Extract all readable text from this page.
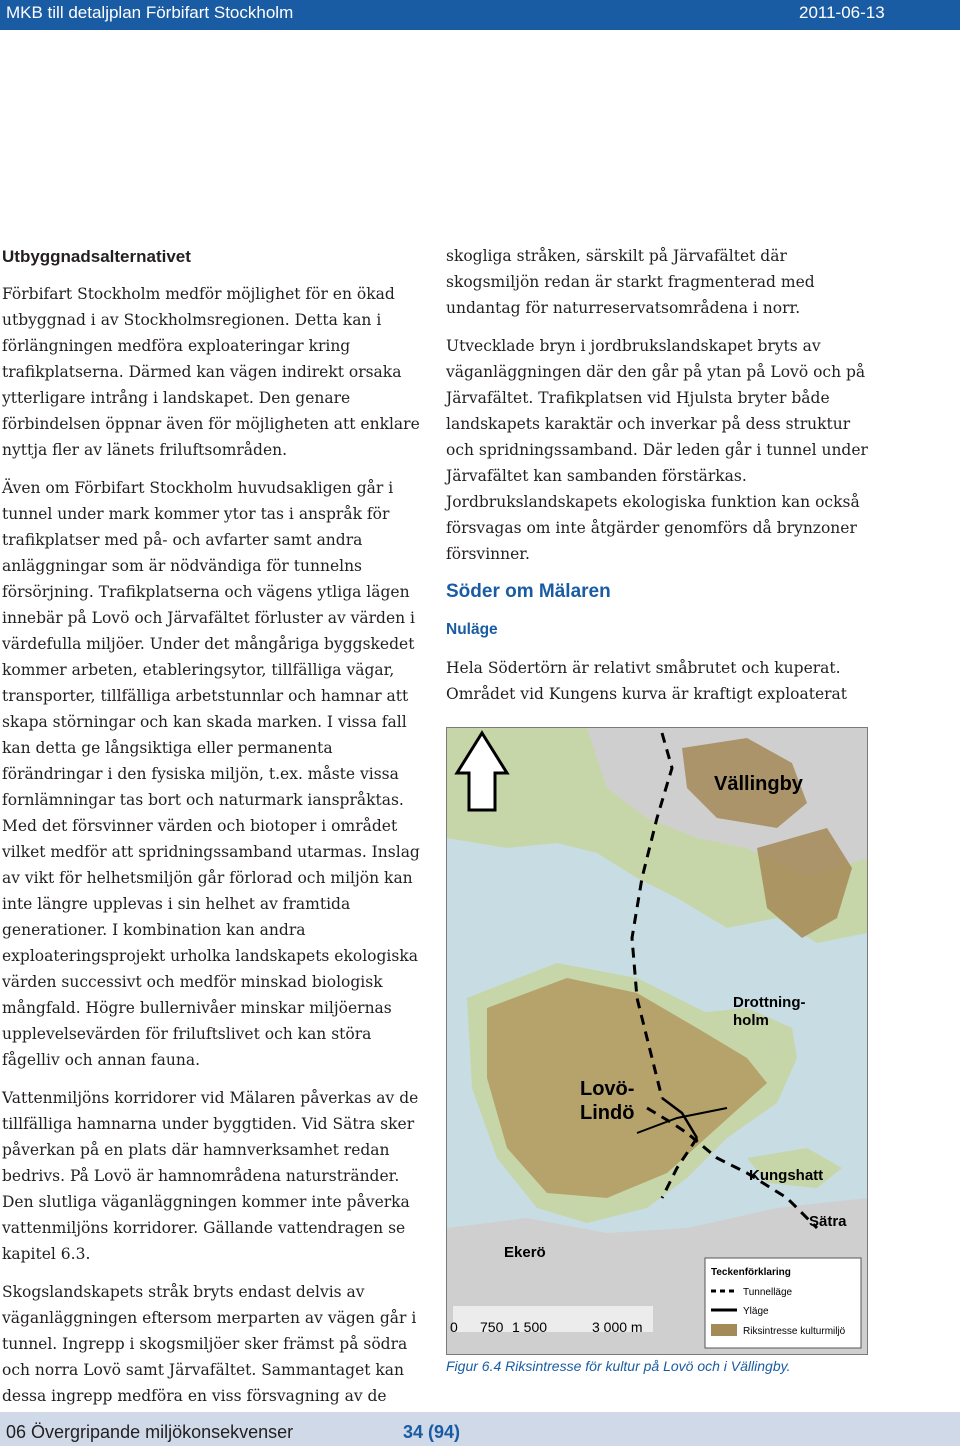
MKB till detaljplan Förbifart Stockholm	2011-06-13

Utbyggnadsalternativet

Förbifart Stockholm medför möjlighet för en ökad utbyggnad i av Stockholmsregionen. Detta kan i förlängningen medföra exploateringar kring trafikplatserna. Därmed kan vägen indirekt orsaka ytterligare intrång i landskapet. Den genare förbindelsen öppnar även för möjligheten att enklare nyttja fler av länets friluftsområden.

Även om Förbifart Stockholm huvudsakligen går i tunnel under mark kommer ytor tas i anspråk för trafikplatser med på- och avfarter samt andra anläggningar som är nödvändiga för tunnelns försörjning. Trafikplatserna och vägens ytliga lägen innebär på Lovö och Järvafältet förluster av värden i värdefulla miljöer. Under det mångåriga byggskedet kommer arbeten, etableringsytor, tillfälliga vägar, transporter, tillfälliga arbetstunnlar och hamnar att skapa störningar och kan skada marken. I vissa fall kan detta ge långsiktiga eller permanenta förändringar i den fysiska miljön, t.ex. måste vissa fornlämningar tas bort och naturmark ianspråktas. Med det försvinner värden och biotoper i området vilket medför att spridningssamband utarmas. Inslag av vikt för helhetsmiljön går förlorad och miljön kan inte längre upplevas i sin helhet av framtida generationer. I kombination kan andra exploateringsprojekt urholka landskapets ekologiska värden successivt och medför minskad biologisk mångfald. Högre bullernivåer minskar miljöernas upplevelsevärden för friluftslivet och kan störa fågelliv och annan fauna.

Vattenmiljöns korridorer vid Mälaren påverkas av de tillfälliga hamnarna under byggtiden. Vid Sätra sker påverkan på en plats där hamnverksamhet redan bedrivs. På Lovö är hamnområdena naturstränder. Den slutliga väganläggningen kommer inte påverka vattenmiljöns korridorer. Gällande vattendragen se kapitel 6.3.

Skogslandskapets stråk bryts endast delvis av väganläggningen eftersom merparten av vägen går i tunnel. Ingrepp i skogsmiljöer sker främst på södra och norra Lovö samt Järvafältet. Sammantaget kan dessa ingrepp medföra en viss försvagning av de

skogliga stråken, särskilt på Järvafältet där skogsmiljön redan är starkt fragmenterad med undantag för naturreservatsområdena i norr.

Utvecklade bryn i jordbrukslandskapet bryts av väganläggningen där den går på ytan på Lovö och på Järvafältet. Trafikplatsen vid Hjulsta bryter både landskapets karaktär och inverkar på dess struktur och spridningssamband. Där leden går i tunnel under Järvafältet kan sambanden förstärkas. Jordbrukslandskapets ekologiska funktion kan också försvagas om inte åtgärder genomförs då brynzoner försvinner.

Söder om Mälaren

Nuläge

Hela Södertörn är relativt småbrutet och kuperat. Området vid Kungens kurva är kraftigt exploaterat

Vällingby
Drottning-
holm
Lovö-
Lindö
Kungshatt
Sätra
Ekerö
0 750 1 500	3 000 m
Teckenförklaring
Tunnelläge
Yläge
Riksintresse kulturmiljö
Figur 6.4 Riksintresse för kultur på Lovö och i Vällingby.
06 Övergripande miljökonsekvenser	34 (94)
